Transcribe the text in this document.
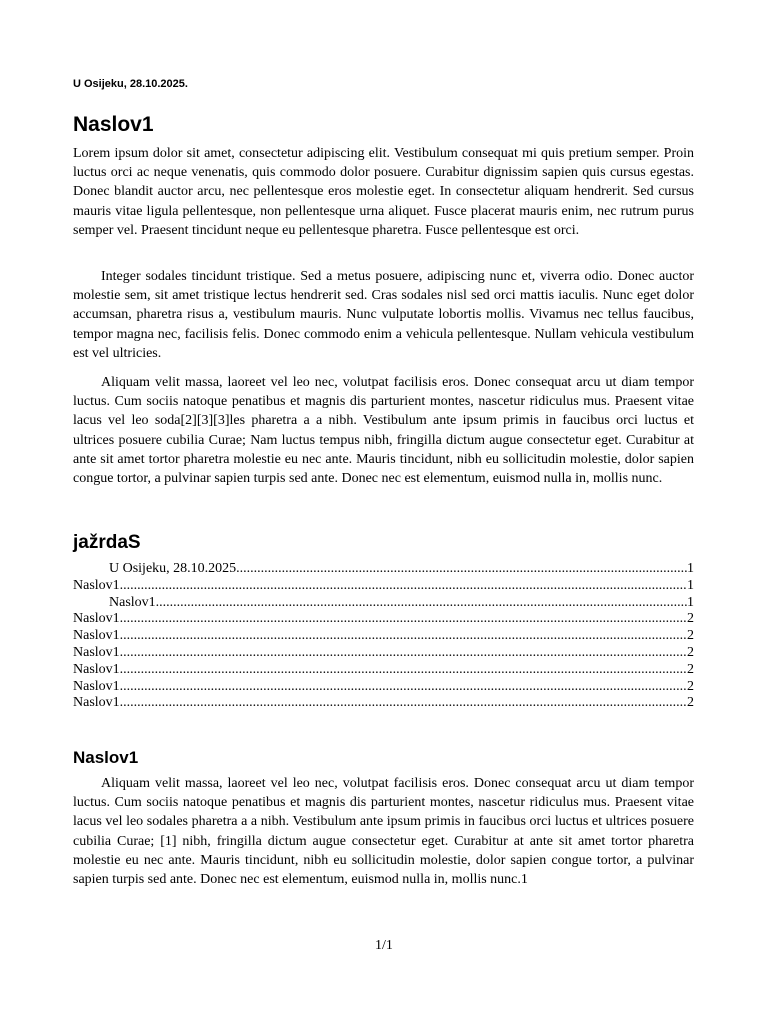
U Osijeku, 28.10.2025.
Naslov1

Lorem ipsum dolor sit amet, consectetur adipiscing elit. Vestibulum consequat mi quis pretium semper. Proin luctus orci ac neque venenatis, quis commodo dolor posuere. Curabitur dignissim sapien quis cursus egestas. Donec blandit auctor arcu, nec pellentesque eros molestie eget. In consectetur aliquam hendrerit. Sed cursus mauris vitae ligula pellentesque, non pellentesque urna aliquet. Fusce placerat mauris enim, nec rutrum purus semper vel. Praesent tincidunt neque eu pellentesque pharetra. Fusce pellentesque est orci.

Integer sodales tincidunt tristique. Sed a metus posuere, adipiscing nunc et, viverra odio. Donec auctor molestie sem, sit amet tristique lectus hendrerit sed. Cras sodales nisl sed orci mattis iaculis. Nunc eget dolor accumsan, pharetra risus a, vestibulum mauris. Nunc vulputate lobortis mollis. Vivamus nec tellus faucibus, tempor magna nec, facilisis felis. Donec commodo enim a vehicula pellentesque. Nullam vehicula vestibulum est vel ultricies.

Aliquam velit massa, laoreet vel leo nec, volutpat facilisis eros. Donec consequat arcu ut diam tempor luctus. Cum sociis natoque penatibus et magnis dis parturient montes, nascetur ridiculus mus. Praesent vitae lacus vel leo soda[2][3][3]les pharetra a a nibh. Vestibulum ante ipsum primis in faucibus orci luctus et ultrices posuere cubilia Curae; Nam luctus tempus nibh, fringilla dictum augue consectetur eget. Curabitur at ante sit amet tortor pharetra molestie eu nec ante. Mauris tincidunt, nibh eu sollicitudin molestie, dolor sapien congue tortor, a pulvinar sapien turpis sed ante. Donec nec est elementum, euismod nulla in, mollis nunc.

jažrdaS
U Osijeku, 28.10.2025. .....	1
Naslov1 .....	1
Naslov1 .....	1
Naslov1 .....	2
Naslov1 .....	2
Naslov1 .....	2
Naslov1 .....	2
Naslov1 .....	2
Naslov1 .....	2
Naslov1

Aliquam velit massa, laoreet vel leo nec, volutpat facilisis eros. Donec consequat arcu ut diam tempor luctus. Cum sociis natoque penatibus et magnis dis parturient montes, nascetur ridiculus mus. Praesent vitae lacus vel leo sodales pharetra a a nibh. Vestibulum ante ipsum primis in faucibus orci luctus et ultrices posuere cubilia Curae; [1] nibh, fringilla dictum augue consectetur eget. Curabitur at ante sit amet tortor pharetra molestie eu nec ante. Mauris tincidunt, nibh eu sollicitudin molestie, dolor sapien congue tortor, a pulvinar sapien turpis sed ante. Donec nec est elementum, euismod nulla in, mollis nunc.1

1/1
